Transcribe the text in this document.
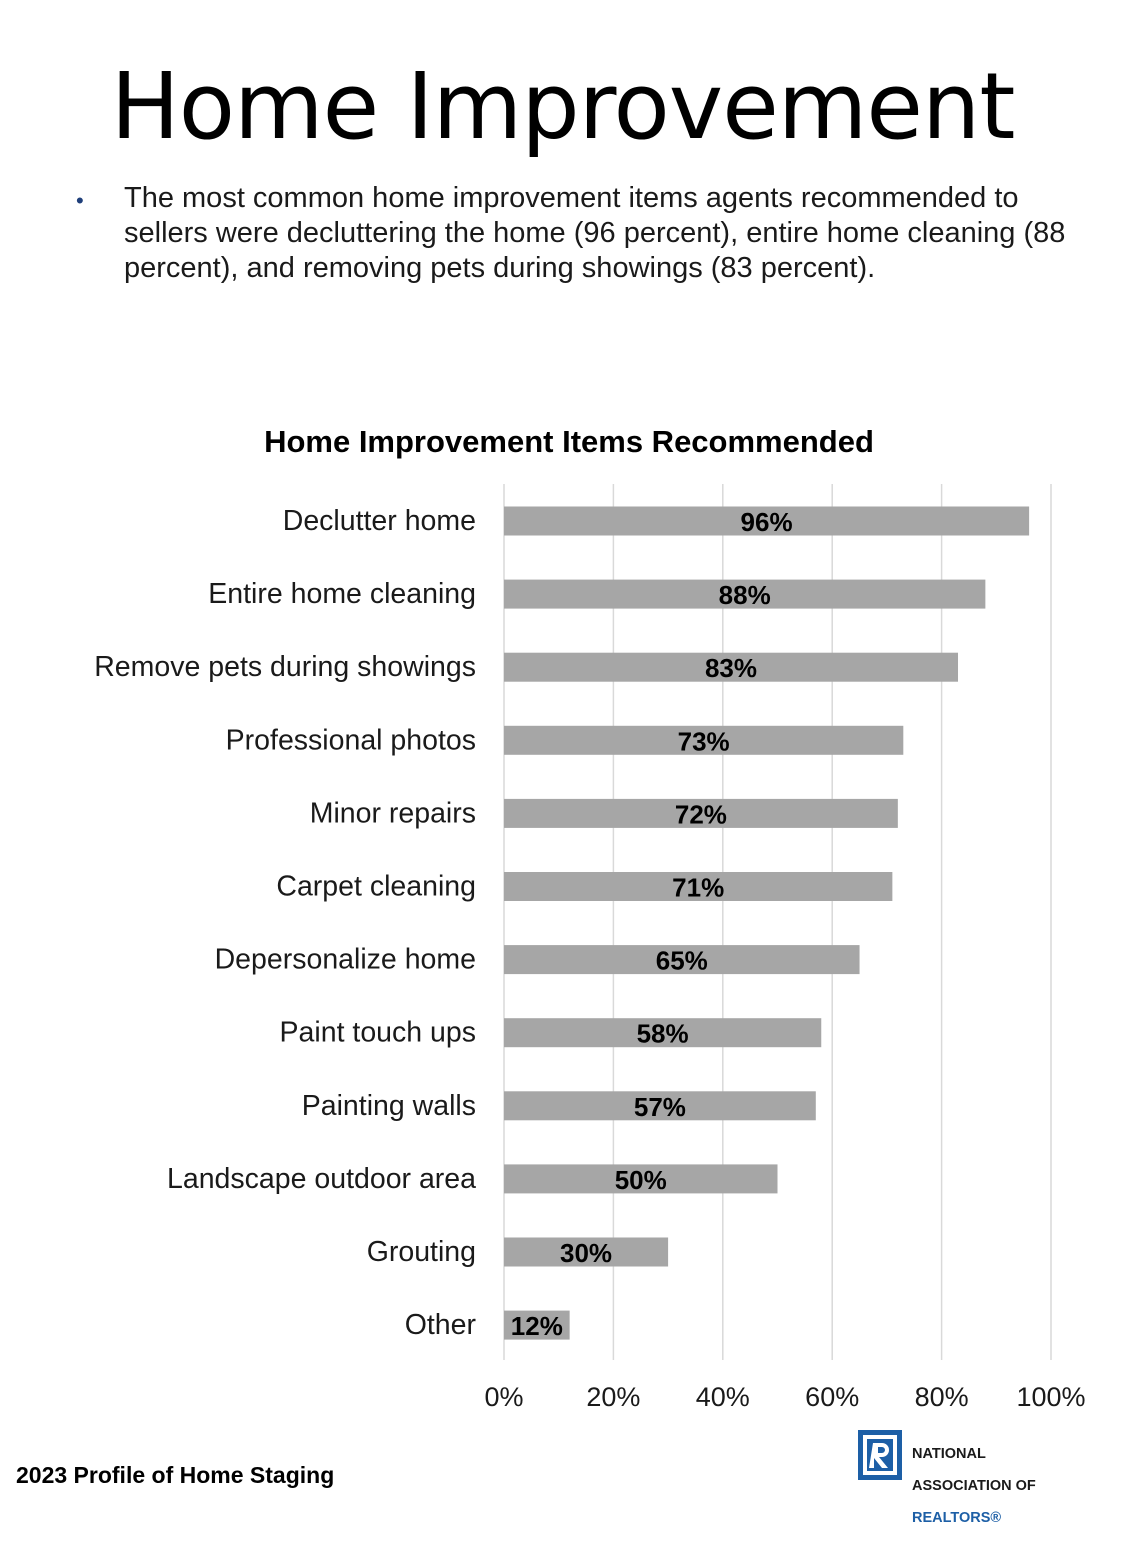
Home Improvement
• The most common home improvement items agents recommended to sellers were decluttering the home (96 percent), entire home cleaning (88 percent), and removing pets during showings (83 percent).
Home Improvement Items Recommended
96%
88%
83%
73%
72%
71%
65%
58%
57%
50%
30%
12%
Declutter home
Entire home cleaning
Remove pets during showings
Professional photos
Minor repairs
Carpet cleaning
Depersonalize home
Paint touch ups
Painting walls
Landscape outdoor area
Grouting
Other
0% 20% 40% 60% 80% 100%
2023 Profile of Home Staging

NATIONAL

ASSOCIATION OF

REALTORS®
